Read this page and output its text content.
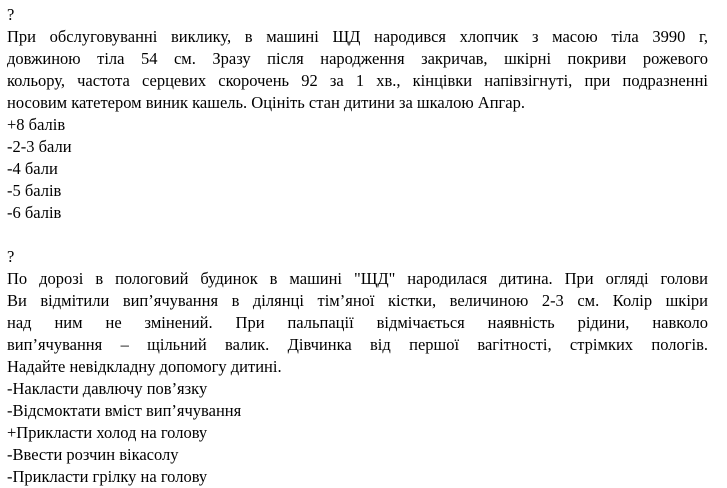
?
При обслуговуванні виклику, в машині ЩД народився хлопчик з масою тіла 3990 г,
довжиною тіла 54 см. Зразу після народження закричав, шкірні покриви рожевого
кольору, частота серцевих скорочень 92 за 1 хв., кінцівки напівзігнуті, при подразненні
носовим катетером виник кашель. Оцініть стан дитини за шкалою Апгар.
+8 балів
-2-3 бали
-4 бали
-5 балів
-6 балів
?
По дорозі в пологовий будинок в машині "ЩД" народилася дитина. При огляді голови
Ви відмітили вип’ячування в ділянці тім’яної кістки, величиною 2-3 см. Колір шкіри
над ним не змінений. При пальпації відмічається наявність рідини, навколо
вип’ячування – щільний валик. Дівчинка від першої вагітності, стрімких пологів.
Надайте невідкладну допомогу дитині.
-Накласти давлючу пов’язку
-Відсмоктати вміст вип’ячування
+Прикласти холод на голову
-Ввести розчин вікасолу
-Прикласти грілку на голову
